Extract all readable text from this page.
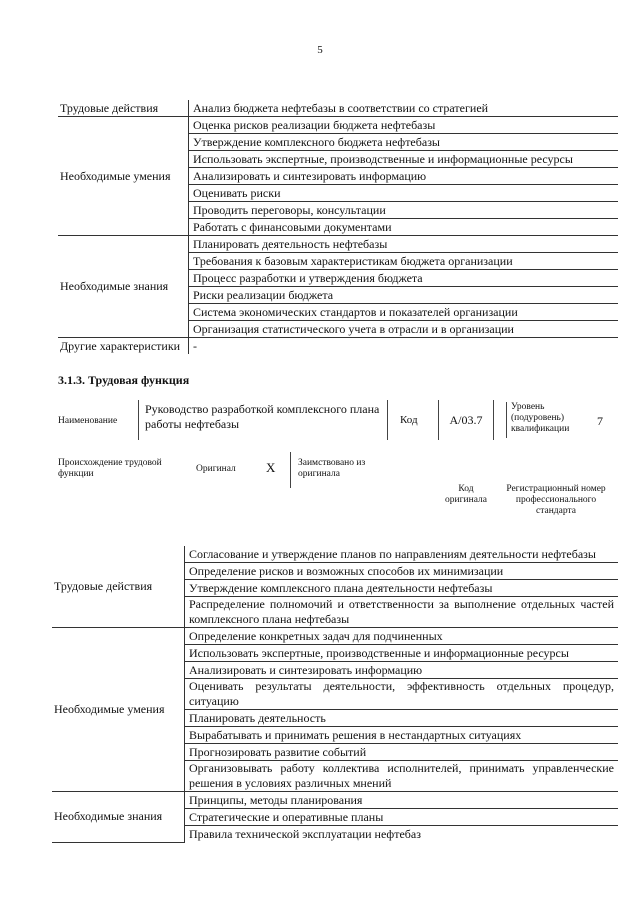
5
Трудовые действия	Анализ бюджета нефтебазы в соответствии со стратегией
Необходимые умения	Оценка рисков реализации бюджета нефтебазы
	Утверждение комплексного бюджета нефтебазы
	Использовать экспертные, производственные и информационные ресурсы
	Анализировать и синтезировать информацию
	Оценивать риски
	Проводить переговоры, консультации
	Работать с финансовыми документами
Необходимые знания	Планировать деятельность нефтебазы
	Требования к базовым характеристикам бюджета организации
	Процесс разработки и утверждения бюджета
	Риски реализации бюджета
	Система экономических стандартов и показателей организации
	Организация статистического учета в отрасли и в организации
Другие характеристики	-
3.1.3. Трудовая функция
Наименование
Руководство разработкой комплексного плана работы нефтебазы	Код	А/03.7
Уровень (подуровень) квалификации
7
Происхождение трудовой функции	Оригинал X Заимствовано из оригинала
Код оригинала
Регистрационный номер профессионального стандарта
Трудовые действия	Согласование и утверждение планов по направлениям деятельности нефтебазы
	Определение рисков и возможных способов их минимизации
	Утверждение комплексного плана деятельности нефтебазы
	Распределение полномочий и ответственности за выполнение отдельных частей комплексного плана нефтебазы
Необходимые умения	Определение конкретных задач для подчиненных
	Использовать экспертные, производственные и информационные ресурсы
	Анализировать и синтезировать информацию
	Оценивать результаты деятельности, эффективность отдельных процедур, ситуацию
	Планировать деятельность
	Вырабатывать и принимать решения в нестандартных ситуациях
	Прогнозировать развитие событий
	Организовывать работу коллектива исполнителей, принимать управленческие решения в условиях различных мнений
Необходимые знания	Принципы, методы планирования
	Стратегические и оперативные планы
	Правила технической эксплуатации нефтебаз
